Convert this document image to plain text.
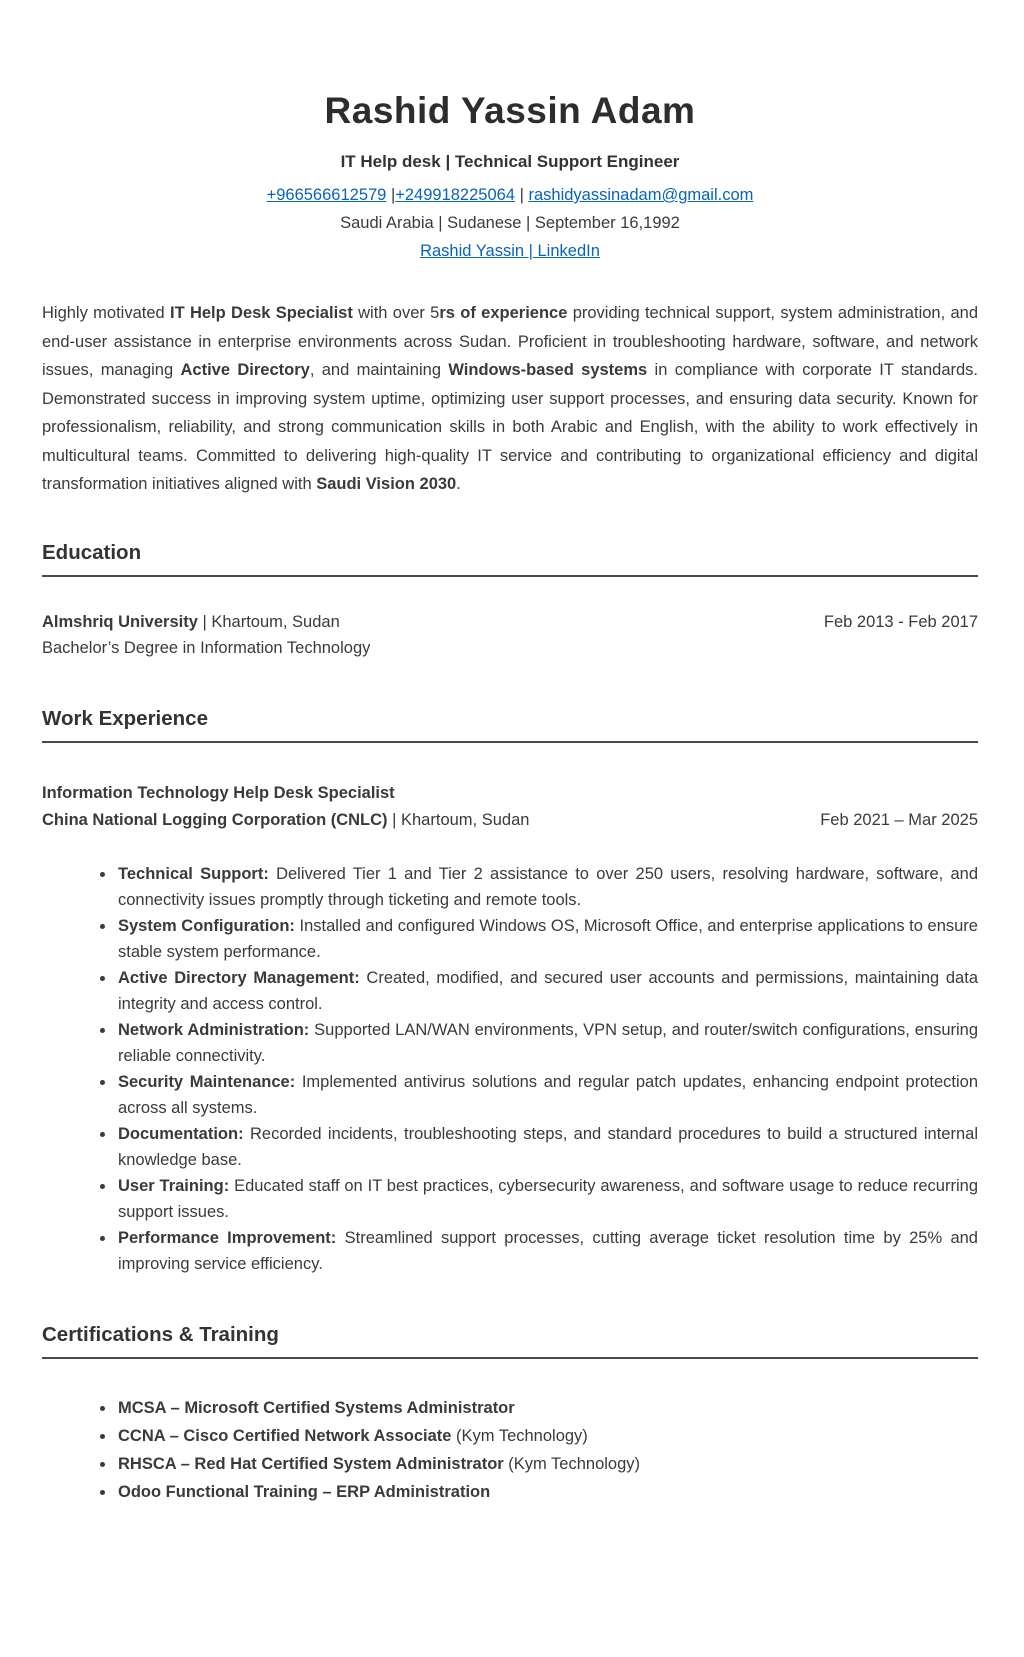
Rashid Yassin Adam
IT Help desk | Technical Support Engineer
+966566612579 |+249918225064 | rashidyassinadam@gmail.com
Saudi Arabia | Sudanese | September 16,1992
Rashid Yassin | LinkedIn

Highly motivated IT Help Desk Specialist with over 5rs of experience providing technical support, system administration, and end-user assistance in enterprise environments across Sudan. Proficient in troubleshooting hardware, software, and network issues, managing Active Directory, and maintaining Windows-based systems in compliance with corporate IT standards. Demonstrated success in improving system uptime, optimizing user support processes, and ensuring data security. Known for professionalism, reliability, and strong communication skills in both Arabic and English, with the ability to work effectively in multicultural teams. Committed to delivering high-quality IT service and contributing to organizational efficiency and digital transformation initiatives aligned with Saudi Vision 2030.

Education
Almshriq University | Khartoum, Sudan	Feb 2013 - Feb 2017
Bachelor’s Degree in Information Technology
Work Experience
Information Technology Help Desk Specialist
China National Logging Corporation (CNLC) | Khartoum, Sudan	Feb 2021 – Mar 2025
• Technical Support: Delivered Tier 1 and Tier 2 assistance to over 250 users, resolving hardware, software, and connectivity issues promptly through ticketing and remote tools.
• System Configuration: Installed and configured Windows OS, Microsoft Office, and enterprise applications to ensure stable system performance.
• Active Directory Management: Created, modified, and secured user accounts and permissions, maintaining data integrity and access control.
• Network Administration: Supported LAN/WAN environments, VPN setup, and router/switch configurations, ensuring reliable connectivity.
• Security Maintenance: Implemented antivirus solutions and regular patch updates, enhancing endpoint protection across all systems.
• Documentation: Recorded incidents, troubleshooting steps, and standard procedures to build a structured internal knowledge base.
• User Training: Educated staff on IT best practices, cybersecurity awareness, and software usage to reduce recurring support issues.
• Performance Improvement: Streamlined support processes, cutting average ticket resolution time by 25% and improving service efficiency.
Certifications & Training
• MCSA – Microsoft Certified Systems Administrator
• CCNA – Cisco Certified Network Associate (Kym Technology)
• RHSCA – Red Hat Certified System Administrator (Kym Technology)
• Odoo Functional Training – ERP Administration
